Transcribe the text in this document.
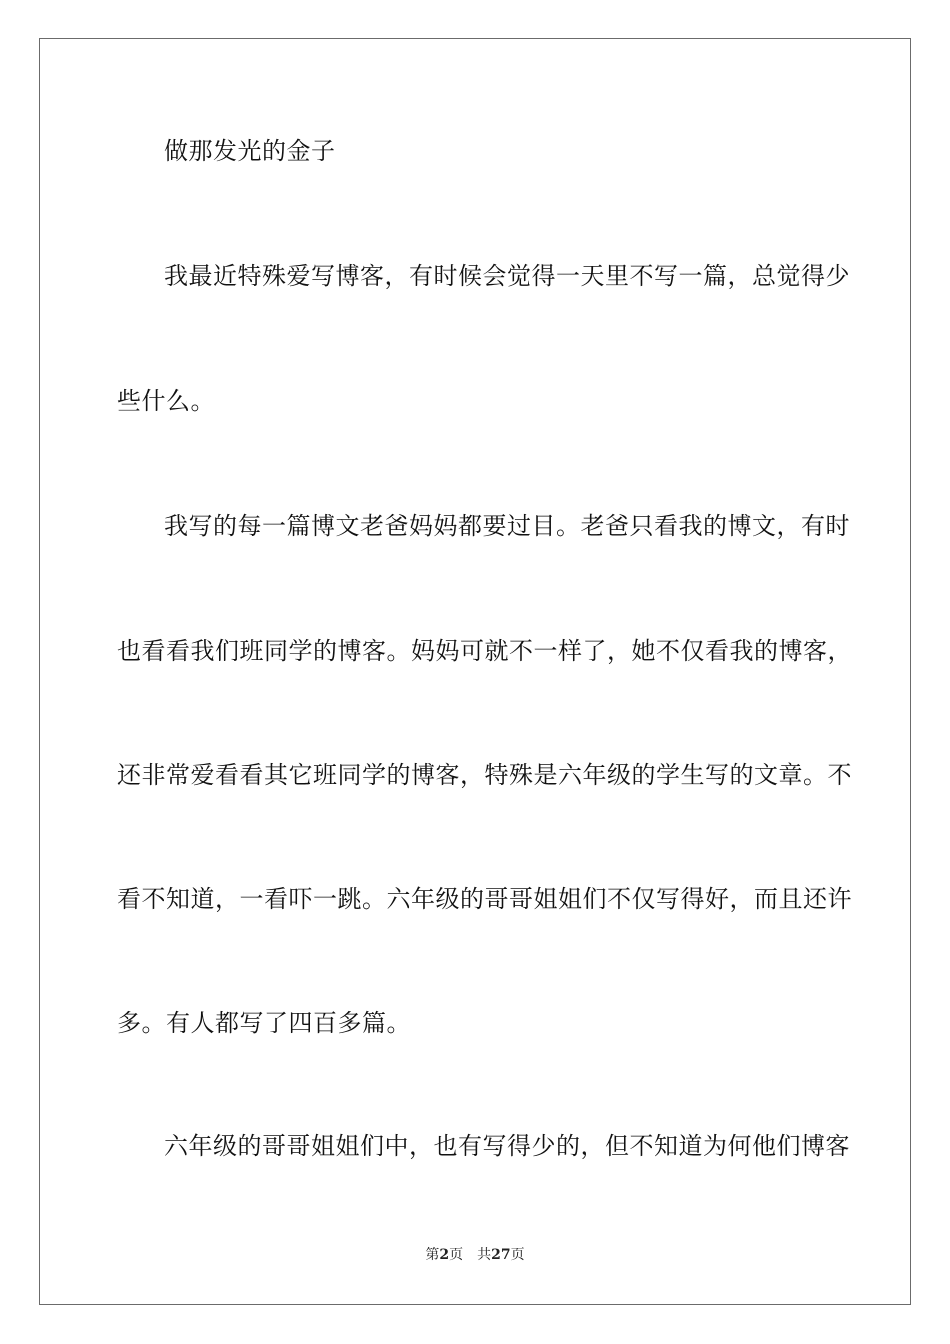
做那发光的金子
我最近特殊爱写博客，有时候会觉得一天里不写一篇，总觉得少
些什么。
我写的每一篇博文老爸妈妈都要过目。老爸只看我的博文，有时
也看看我们班同学的博客。妈妈可就不一样了，她不仅看我的博客，
还非常爱看看其它班同学的博客，特殊是六年级的学生写的文章。不
看不知道，一看吓一跳。六年级的哥哥姐姐们不仅写得好，而且还许
多。有人都写了四百多篇。
六年级的哥哥姐姐们中，也有写得少的，但不知道为何他们博客
第2页 共27页
